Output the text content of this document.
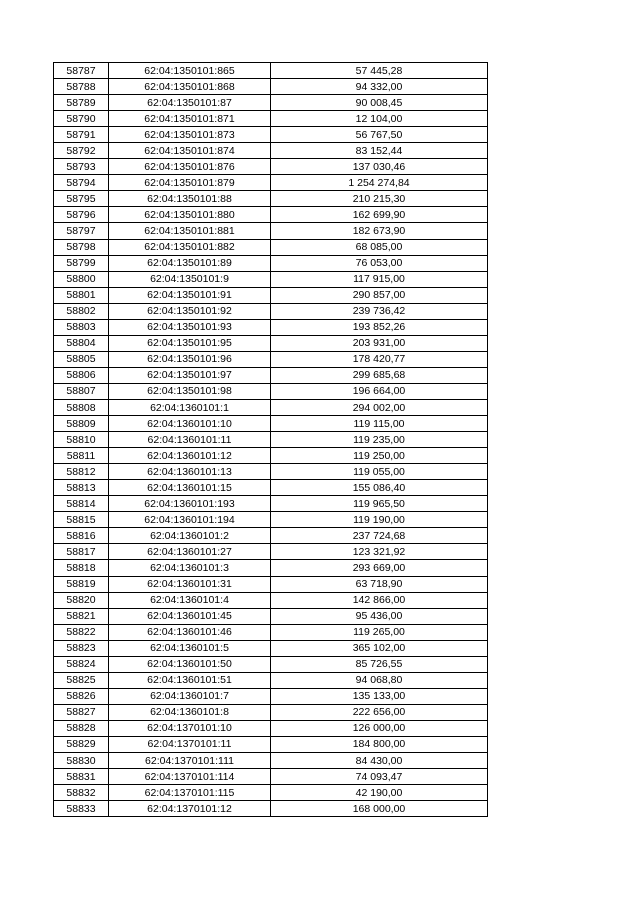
58787	62:04:1350101:865	57 445,28
58788	62:04:1350101:868	94 332,00
58789	62:04:1350101:87	90 008,45
58790	62:04:1350101:871	12 104,00
58791	62:04:1350101:873	56 767,50
58792	62:04:1350101:874	83 152,44
58793	62:04:1350101:876	137 030,46
58794	62:04:1350101:879	1 254 274,84
58795	62:04:1350101:88	210 215,30
58796	62:04:1350101:880	162 699,90
58797	62:04:1350101:881	182 673,90
58798	62:04:1350101:882	68 085,00
58799	62:04:1350101:89	76 053,00
58800	62:04:1350101:9	117 915,00
58801	62:04:1350101:91	290 857,00
58802	62:04:1350101:92	239 736,42
58803	62:04:1350101:93	193 852,26
58804	62:04:1350101:95	203 931,00
58805	62:04:1350101:96	178 420,77
58806	62:04:1350101:97	299 685,68
58807	62:04:1350101:98	196 664,00
58808	62:04:1360101:1	294 002,00
58809	62:04:1360101:10	119 115,00
58810	62:04:1360101:11	119 235,00
58811	62:04:1360101:12	119 250,00
58812	62:04:1360101:13	119 055,00
58813	62:04:1360101:15	155 086,40
58814	62:04:1360101:193	119 965,50
58815	62:04:1360101:194	119 190,00
58816	62:04:1360101:2	237 724,68
58817	62:04:1360101:27	123 321,92
58818	62:04:1360101:3	293 669,00
58819	62:04:1360101:31	63 718,90
58820	62:04:1360101:4	142 866,00
58821	62:04:1360101:45	95 436,00
58822	62:04:1360101:46	119 265,00
58823	62:04:1360101:5	365 102,00
58824	62:04:1360101:50	85 726,55
58825	62:04:1360101:51	94 068,80
58826	62:04:1360101:7	135 133,00
58827	62:04:1360101:8	222 656,00
58828	62:04:1370101:10	126 000,00
58829	62:04:1370101:11	184 800,00
58830	62:04:1370101:111	84 430,00
58831	62:04:1370101:114	74 093,47
58832	62:04:1370101:115	42 190,00
58833	62:04:1370101:12	168 000,00
